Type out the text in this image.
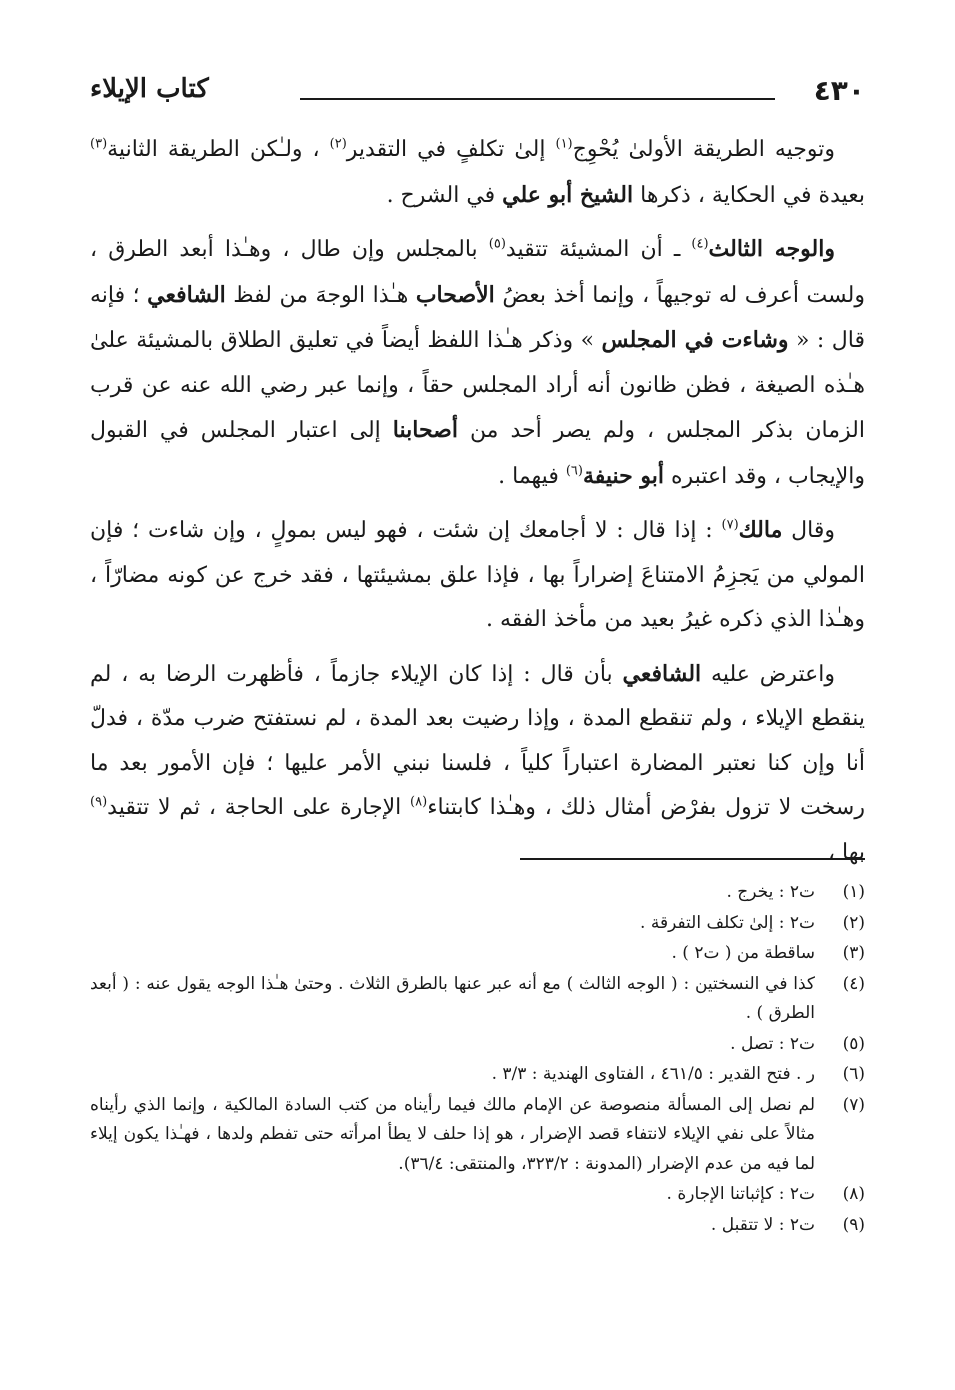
٤٣٠
كتاب الإيلاء

وتوجيه الطريقة الأولىٰ يُحْوِج$^{(١)}$ إلىٰ تكلفٍ في التقدير$^{(٢)}$ ، ولـٰكن الطريقة الثانية$^{(٣)}$ بعيدة في الحكاية ، ذكرها الشيخ أبو علي في الشرح .

والوجه الثالث$^{(٤)}$ ـ أن المشيئة تتقيد$^{(٥)}$ بالمجلس وإن طال ، وهـٰذا أبعد الطرق ، ولست أعرف له توجيهاً ، وإنما أخذ بعضُ الأصحاب هـٰذا الوجهَ من لفظ الشافعي ؛ فإنه قال : « وشاءت في المجلس » وذكر هـٰذا اللفظ أيضاً في تعليق الطلاق بالمشيئة علىٰ هـٰذه الصيغة ، فظن ظانون أنه أراد المجلس حقاً ، وإنما عبر رضي الله عنه عن قرب الزمان بذكر المجلس ، ولم يصر أحد من أصحابنا إلى اعتبار المجلس في القبول والإيجاب ، وقد اعتبره أبو حنيفة$^{(٦)}$ فيهما .

وقال مالك$^{(٧)}$ : إذا قال : لا أجامعك إن شئت ، فهو ليس بمولٍ ، وإن شاءت ؛ فإن المولي من يَجزِمُ الامتناعَ إضراراً بها ، فإذا علق بمشيئتها ، فقد خرج عن كونه مضارّاً ، وهـٰذا الذي ذكره غيرُ بعيد من مأخذ الفقه .

واعترض عليه الشافعي بأن قال : إذا كان الإيلاء جازماً ، فأظهرت الرضا به ، لم ينقطع الإيلاء ، ولم تنقطع المدة ، وإذا رضيت بعد المدة ، لم نستفتح ضرب مدّة ، فدلّ أنا وإن كنا نعتبر المضارة اعتباراً كلياً ، فلسنا نبني الأمر عليها ؛ فإن الأمور بعد ما رسخت لا تزول بفرْض أمثال ذلك ، وهـٰذا كابتناء$^{(٨)}$ الإجارة على الحاجة ، ثم لا تتقيد$^{(٩)}$ بها ،

(١)
ت٢ : يخرج .
(٢)
ت٢ : إلىٰ تكلف التفرقة .
(٣)
ساقطة من ( ت٢ ) .
(٤)
كذا في النسختين : ( الوجه الثالث ) مع أنه عبر عنها بالطرق الثلاث . وحتىٰ هـٰذا الوجه يقول عنه : ( أبعد الطرق ) .
(٥)
ت٢ : تصل .
(٦)
ر . فتح القدير : ٤٦١/٥ ، الفتاوى الهندية : ٣/٣ .
(٧)
لم نصل إلى المسألة منصوصة عن الإمام مالك فيما رأيناه من كتب السادة المالكية ، وإنما الذي رأيناه مثالاً على نفي الإيلاء لانتفاء قصد الإضرار ، هو إذا حلف لا يطأ امرأته حتى تفطم ولدها ، فهـٰذا يكون إيلاء لما فيه من عدم الإضرار (المدونة : ٣٢٣/٢، والمنتقى: ٣٦/٤).
(٨)
ت٢ : كإثباتنا الإجارة .
(٩)
ت٢ : لا تتقبل .
